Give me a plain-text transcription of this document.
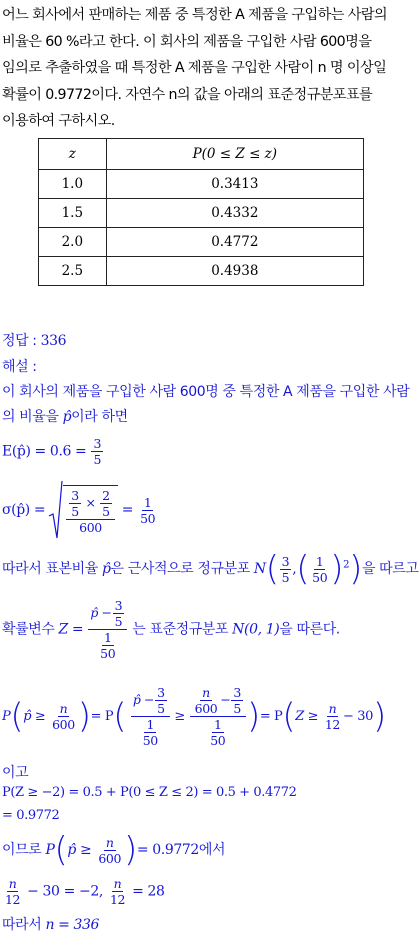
어느 회사에서 판매하는 제품 중 특정한 A 제품을 구입하는 사람의

비율은 60 %라고 한다. 이 회사의 제품을 구입한 사람 600명을

임의로 추출하였을 때 특정한 A 제품을 구입한 사람이 n 명 이상일

확률이 0.9772이다. 자연수 n의 값을 아래의 표준정규분포표를

이용하여 구하시오.

z	P(0 ≤ Z ≤ z)
1.0	0.3413
1.5	0.4332
2.0	0.4772
2.5	0.4938
정답 : 336
해설 :
이 회사의 제품을 구입한 사람 600명 중 특정한 A 제품을 구입한 사람
의 비율을 p̂이라 하면
E(p̂) = $0.6 = \frac{3}{5}$
σ(p̂) = $\frac{\frac{3}{5} \times \frac{2}{5}}{600} = \frac{1}{50}$
따라서 표본비율 p̂은 근사적으로 정규분포 $N( \frac{3}{5}$ ,( $\frac{1}{50} )^2$)을 따르고
확률변수 $Z = \frac{p̂ - \frac{3}{5}}{\frac{1}{50}}$ 는 표준정규분포 N(0, 1)을 따른다.
P(p̂ ≥ $\frac{n}{600}$ )= $P( \frac{p̂ - \frac{3}{5}}{\frac{1}{50}} \ge \frac{\frac{n}{600} - \frac{3}{5}}{\frac{1}{50}}$ )= $P(Z \ge \frac{n}{12} - 30)$
이고
P(Z ≥ −2) = 0.5 + P(0 ≤ Z ≤ 2) = 0.5 + 0.4772
= 0.9772
이므로 P(p̂ ≥ $\frac{n}{600}$ )= 0.9772에서
$\frac{n}{12} - 30 = -2$, $\frac{n}{12} = 28$
따라서 n = 336
